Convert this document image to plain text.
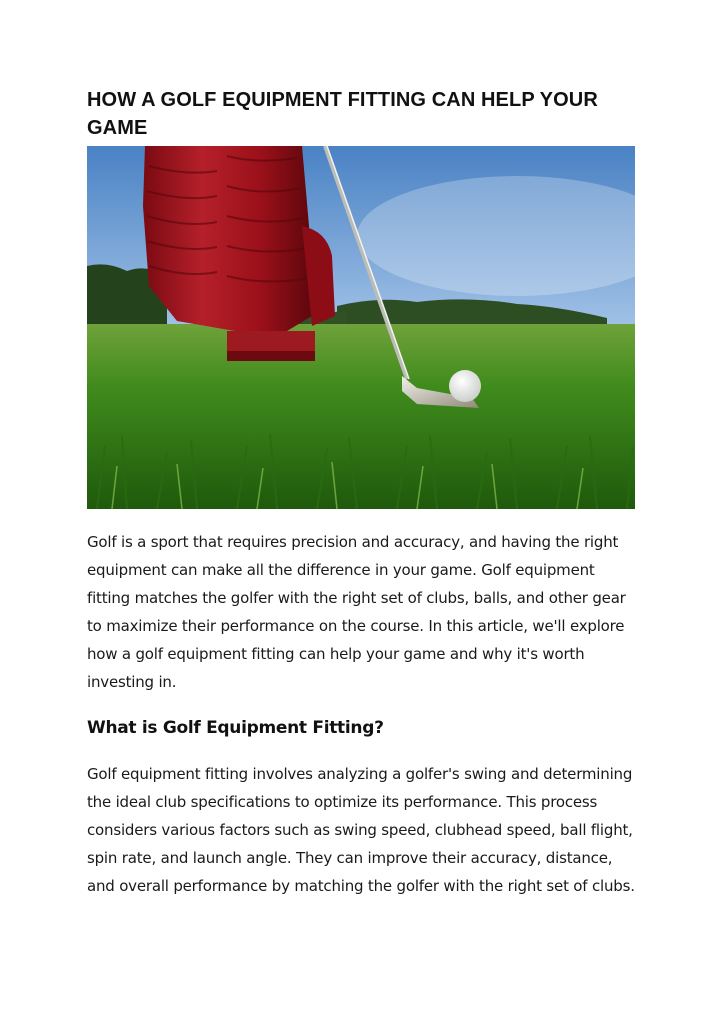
HOW A GOLF EQUIPMENT FITTING CAN HELP YOUR GAME

Golf is a sport that requires precision and accuracy, and having the right equipment can make all the difference in your game. Golf equipment fitting matches the golfer with the right set of clubs, balls, and other gear to maximize their performance on the course. In this article, we'll explore how a golf equipment fitting can help your game and why it's worth investing in.

What is Golf Equipment Fitting?

Golf equipment fitting involves analyzing a golfer's swing and determining the ideal club specifications to optimize its performance. This process considers various factors such as swing speed, clubhead speed, ball flight, spin rate, and launch angle. They can improve their accuracy, distance, and overall performance by matching the golfer with the right set of clubs.
